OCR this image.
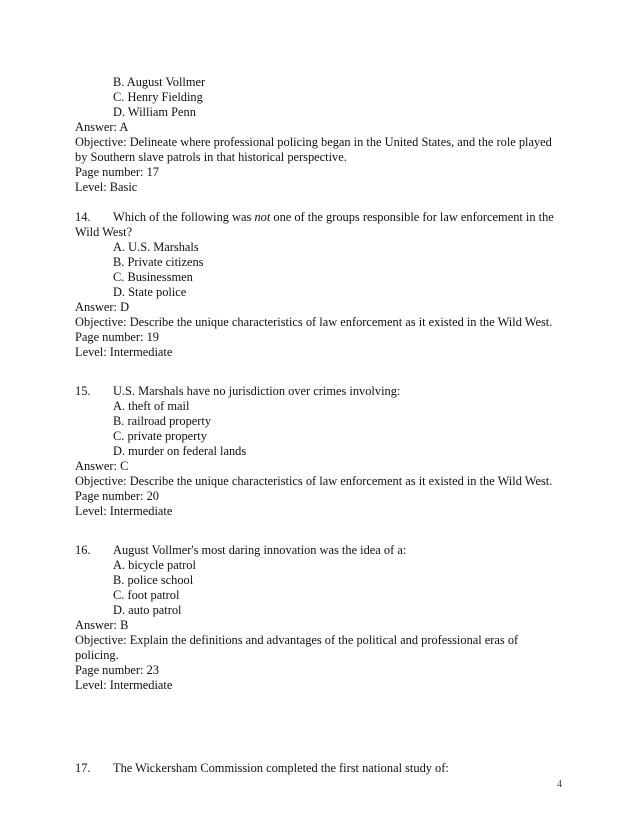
B. August Vollmer
C. Henry Fielding
D. William Penn
Answer: A
Objective: Delineate where professional policing began in the United States, and the role played
by Southern slave patrols in that historical perspective.
Page number: 17
Level: Basic
14. Which of the following was not one of the groups responsible for law enforcement in the
Wild West?
A. U.S. Marshals
B. Private citizens
C. Businessmen
D. State police
Answer: D
Objective: Describe the unique characteristics of law enforcement as it existed in the Wild West.
Page number: 19
Level: Intermediate
15. U.S. Marshals have no jurisdiction over crimes involving:
A. theft of mail
B. railroad property
C. private property
D. murder on federal lands
Answer: C
Objective: Describe the unique characteristics of law enforcement as it existed in the Wild West.
Page number: 20
Level: Intermediate
16. August Vollmer's most daring innovation was the idea of a:
A. bicycle patrol
B. police school
C. foot patrol
D. auto patrol
Answer: B
Objective: Explain the definitions and advantages of the political and professional eras of
policing.
Page number: 23
Level: Intermediate
17. The Wickersham Commission completed the first national study of:
4
